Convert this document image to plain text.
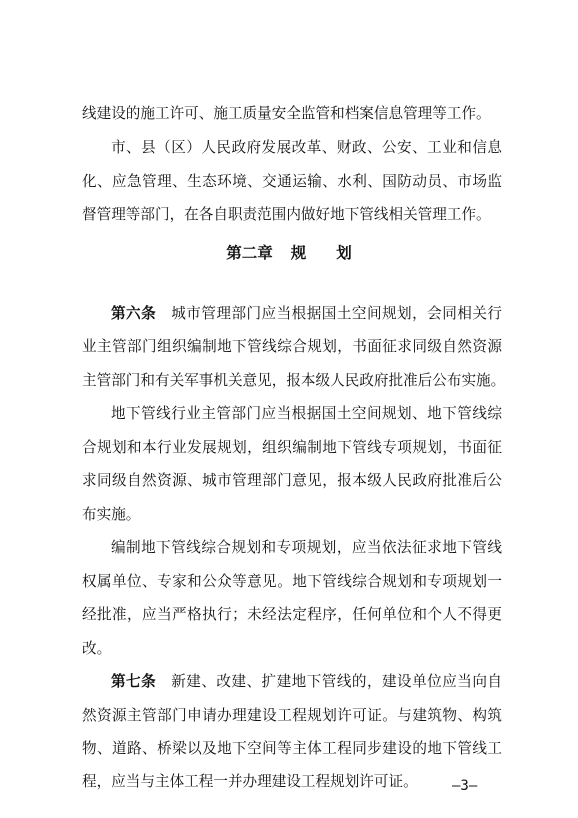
线建设的施工许可、施工质量安全监管和档案信息管理等工作。
市、县（区）人民政府发展改革、财政、公安、工业和信息
化、应急管理、生态环境、交通运输、水利、国防动员、市场监
督管理等部门，在各自职责范围内做好地下管线相关管理工作。
第二章 规 划
第六条　 城市管理部门应当根据国土空间规划，会同相关行
业主管部门组织编制地下管线综合规划，书面征求同级自然资源
主管部门和有关军事机关意见，报本级人民政府批准后公布实施。
地下管线行业主管部门应当根据国土空间规划、地下管线综
合规划和本行业发展规划，组织编制地下管线专项规划，书面征
求同级自然资源、城市管理部门意见，报本级人民政府批准后公
布实施。
编制地下管线综合规划和专项规划，应当依法征求地下管线
权属单位、专家和公众等意见。地下管线综合规划和专项规划一
经批准，应当严格执行；未经法定程序，任何单位和个人不得更
改。
第七条　 新建、改建、扩建地下管线的，建设单位应当向自
然资源主管部门申请办理建设工程规划许可证。与建筑物、构筑
物、道路、桥梁以及地下空间等主体工程同步建设的地下管线工
程，应当与主体工程一并办理建设工程规划许可证。	—3—
